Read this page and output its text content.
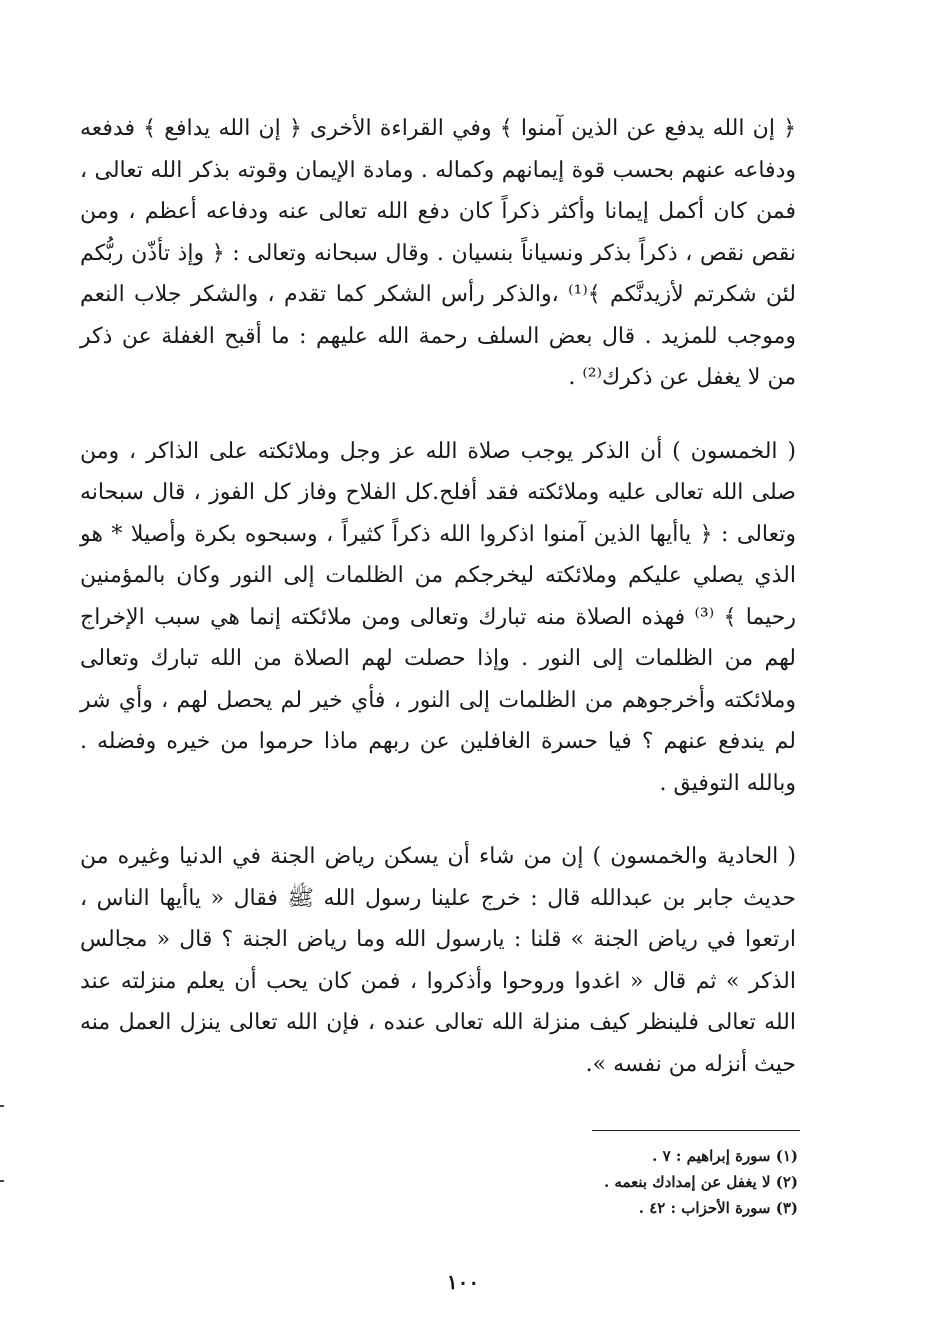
﴿ إن الله يدفع عن الذين آمنوا ﴾ وفي القراءة الأخرى ﴿ إن الله يدافع ﴾ فدفعه ودفاعه عنهم بحسب قوة إيمانهم وكماله . ومادة الإيمان وقوته بذكر الله تعالى ، فمن كان أكمل إيمانا وأكثر ذكراً كان دفع الله تعالى عنه ودفاعه أعظم ، ومن نقص نقص ، ذكراً بذكر ونسياناً بنسيان . وقال سبحانه وتعالى : ﴿ وإذ تأذّن ربُّكم لئن شكرتم لأزيدنَّكم ﴾⁽¹⁾ ،والذكر رأس الشكر كما تقدم ، والشكر جلاب النعم وموجب للمزيد . قال بعض السلف رحمة الله عليهم : ما أقبح الغفلة عن ذكر من لا يغفل عن ذكرك⁽²⁾ .

( الخمسون ) أن الذكر يوجب صلاة الله عز وجل وملائكته على الذاكر ، ومن صلى الله تعالى عليه وملائكته فقد أفلح.كل الفلاح وفاز كل الفوز ، قال سبحانه وتعالى : ﴿ ياأيها الذين آمنوا اذكروا الله ذكراً كثيراً ، وسبحوه بكرة وأصيلا * هو الذي يصلي عليكم وملائكته ليخرجكم من الظلمات إلى النور وكان بالمؤمنين رحيما ﴾ ⁽³⁾ فهذه الصلاة منه تبارك وتعالى ومن ملائكته إنما هي سبب الإخراج لهم من الظلمات إلى النور . وإذا حصلت لهم الصلاة من الله تبارك وتعالى وملائكته وأخرجوهم من الظلمات إلى النور ، فأي خير لم يحصل لهم ، وأي شر لم يندفع عنهم ؟ فيا حسرة الغافلين عن ربهم ماذا حرموا من خيره وفضله . وبالله التوفيق .

( الحادية والخمسون ) إن من شاء أن يسكن رياض الجنة في الدنيا وغيره من حديث جابر بن عبدالله قال : خرج علينا رسول الله ﷺ فقال « ياأيها الناس ، ارتعوا في رياض الجنة » قلنا : يارسول الله وما رياض الجنة ؟ قال « مجالس الذكر » ثم قال « اغدوا وروحوا وأذكروا ، فمن كان يحب أن يعلم منزلته عند الله تعالى فلينظر كيف منزلة الله تعالى عنده ، فإن الله تعالى ينزل العمل منه حيث أنزله من نفسه ».

(١) سورة إبراهيم : ٧ .
(٢) لا يغفل عن إمدادك بنعمه .
(٣) سورة الأحزاب : ٤٢ .
١٠٠
